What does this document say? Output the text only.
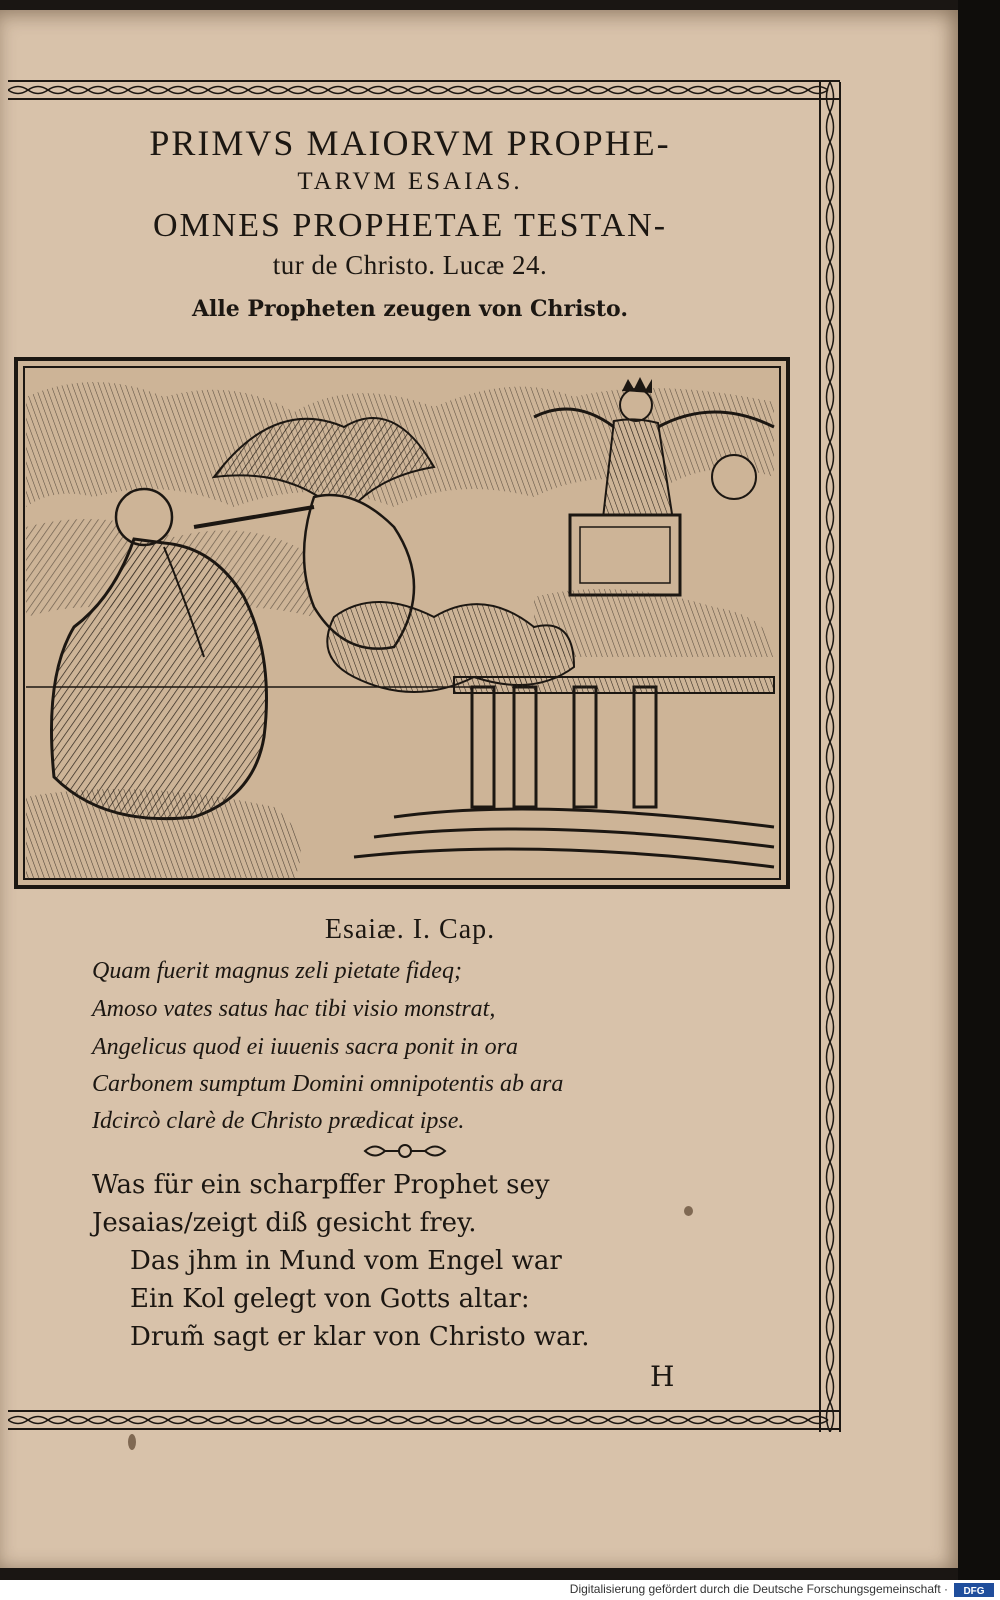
PRIMVS MAIORVM PROPHE-
TARVM ESAIAS.
OMNES PROPHETAE TESTAN-
tur de Christo. Lucæ 24.
Alle Propheten zeugen von Christo.
Esaiæ. I. Cap.
Quam fuerit magnus zeli pietate fideq;
Amoso vates satus hac tibi visio monstrat,
Angelicus quod ei iuuenis sacra ponit in ora
Carbonem sumptum Domini omnipotentis ab ara
Idcircò clarè de Christo prædicat ipse.
Was für ein scharpffer Prophet sey
Jesaias/zeigt diß gesicht frey.
Das jhm in Mund vom Engel war
Ein Kol gelegt von Gotts altar:
Drum̃ sagt er klar von Christo war.
H
Digitalisierung gefördert durch die Deutsche Forschungsgemeinschaft · DFG
